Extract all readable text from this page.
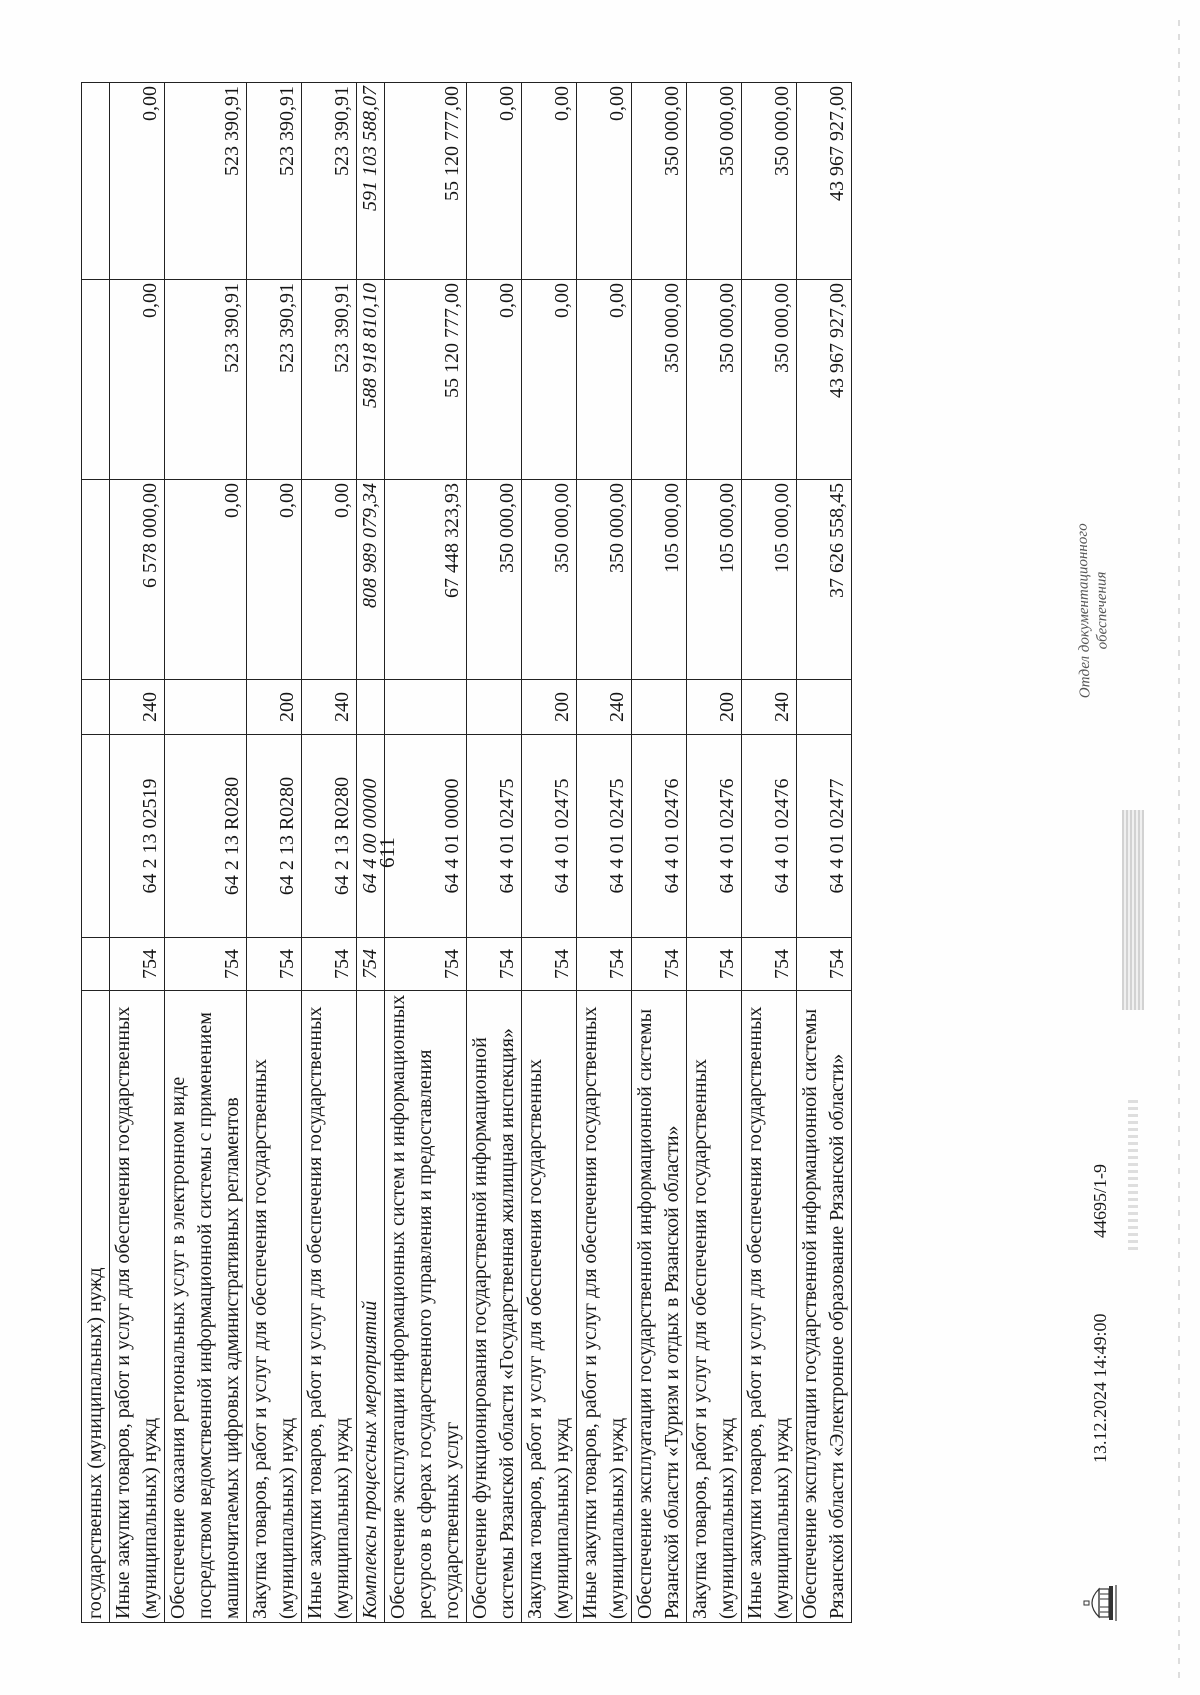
государственных (муниципальных) нужд						
Иные закупки товаров, работ и услуг для обеспечения государственных (муниципальных) нужд	754	64 2 13 02519	240	6 578 000,00	0,00	0,00
Обеспечение оказания региональных услуг в электронном виде посредством ведомственной информационной системы с применением машиночитаемых цифровых административных регламентов	754	64 2 13 R0280		0,00	523 390,91	523 390,91
Закупка товаров, работ и услуг для обеспечения государственных (муниципальных) нужд	754	64 2 13 R0280	200	0,00	523 390,91	523 390,91
Иные закупки товаров, работ и услуг для обеспечения государственных (муниципальных) нужд	754	64 2 13 R0280	240	0,00	523 390,91	523 390,91
Комплексы процессных мероприятий	754	64 4 00 00000		808 989 079,34	588 918 810,10	591 103 588,07
Обеспечение эксплуатации информационных систем и информационных ресурсов в сферах государственного управления и предоставления государственных услуг	754	64 4 01 00000		67 448 323,93	55 120 777,00	55 120 777,00
Обеспечение функционирования государственной информационной системы Рязанской области «Государственная жилищная инспекция»	754	64 4 01 02475		350 000,00	0,00	0,00
Закупка товаров, работ и услуг для обеспечения государственных (муниципальных) нужд	754	64 4 01 02475	200	350 000,00	0,00	0,00
Иные закупки товаров, работ и услуг для обеспечения государственных (муниципальных) нужд	754	64 4 01 02475	240	350 000,00	0,00	0,00
Обеспечение эксплуатации государственной информационной системы Рязанской области «Туризм и отдых в Рязанской области»	754	64 4 01 02476		105 000,00	350 000,00	350 000,00
Закупка товаров, работ и услуг для обеспечения государственных (муниципальных) нужд	754	64 4 01 02476	200	105 000,00	350 000,00	350 000,00
Иные закупки товаров, работ и услуг для обеспечения государственных (муниципальных) нужд	754	64 4 01 02476	240	105 000,00	350 000,00	350 000,00
Обеспечение эксплуатации государственной информационной системы Рязанской области «Электронное образование Рязанской области»	754	64 4 01 02477		37 626 558,45	43 967 927,00	43 967 927,00
611
13.12.2024 14:49:00
44695/1-9
Отдел документационного обеспечения
